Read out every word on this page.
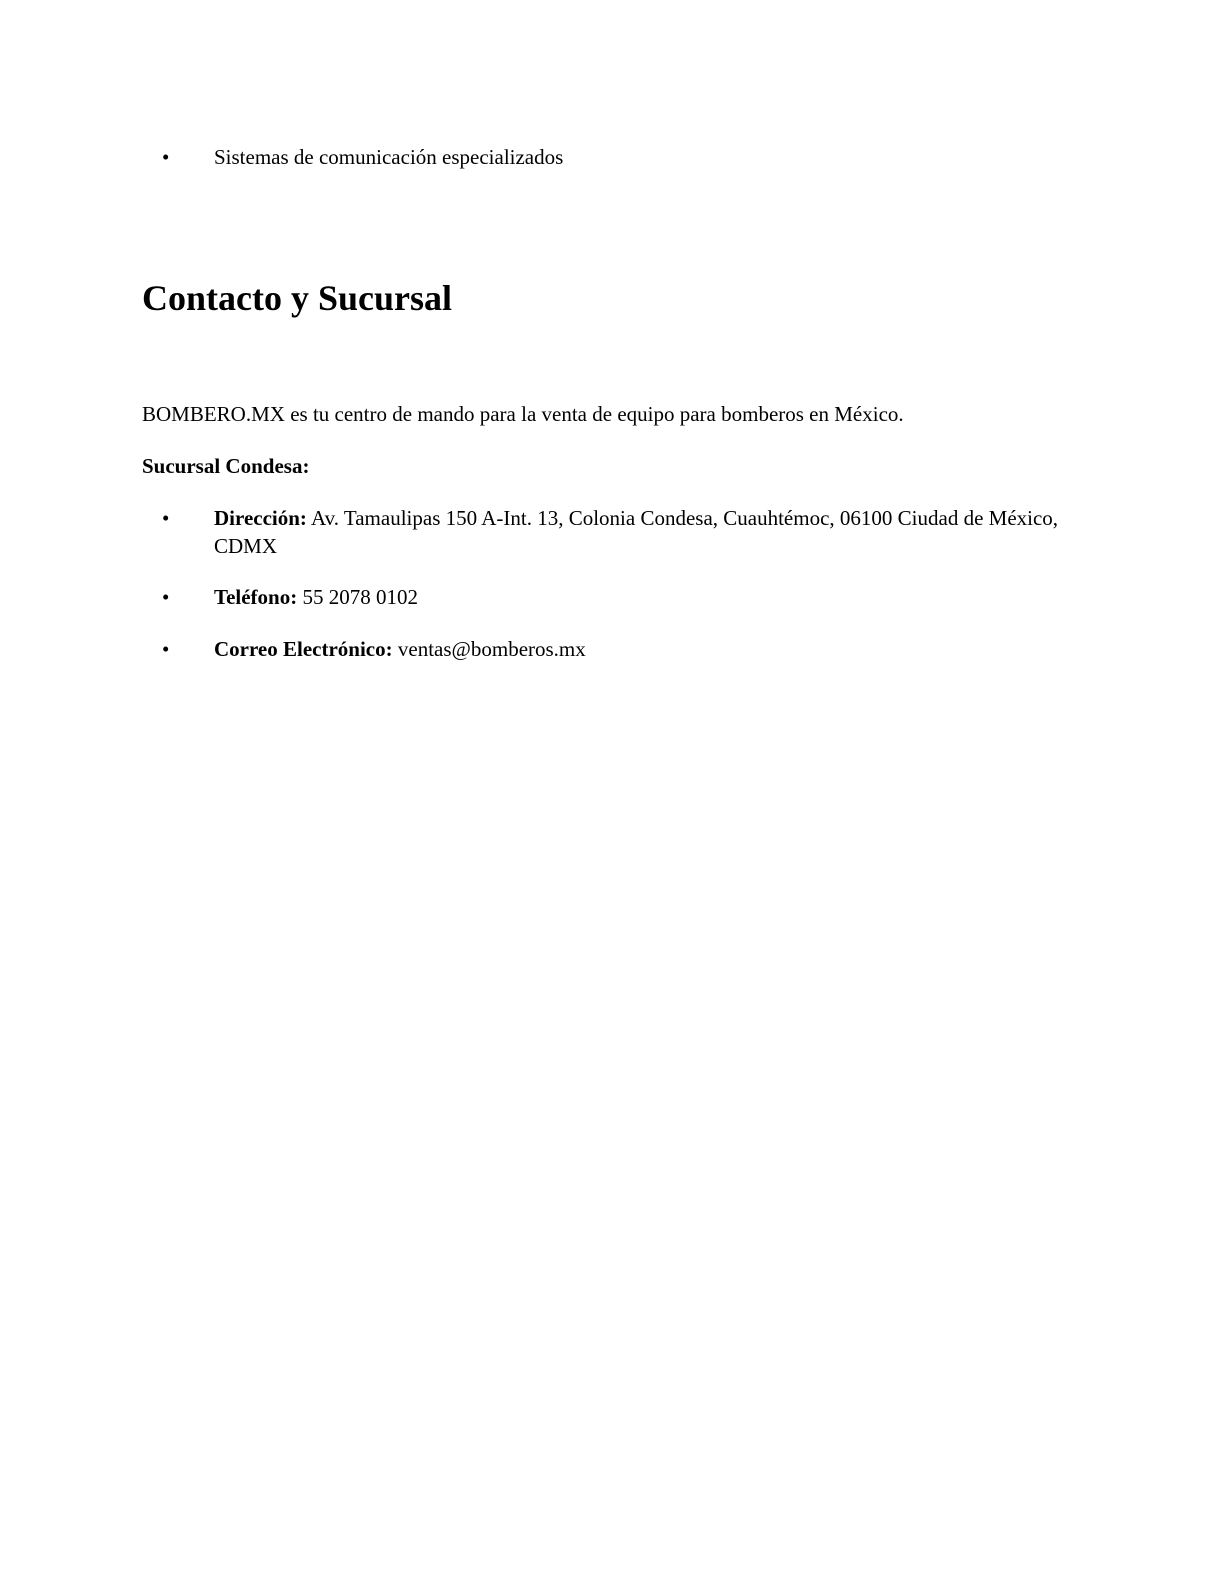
•	Sistemas de comunicación especializados
Contacto y Sucursal
BOMBERO.MX es tu centro de mando para la venta de equipo para bomberos en México.
Sucursal Condesa:
•	Dirección: Av. Tamaulipas 150 A-Int. 13, Colonia Condesa, Cuauhtémoc, 06100 Ciudad de México, CDMX
•	Teléfono: 55 2078 0102
•	Correo Electrónico: ventas@bomberos.mx
